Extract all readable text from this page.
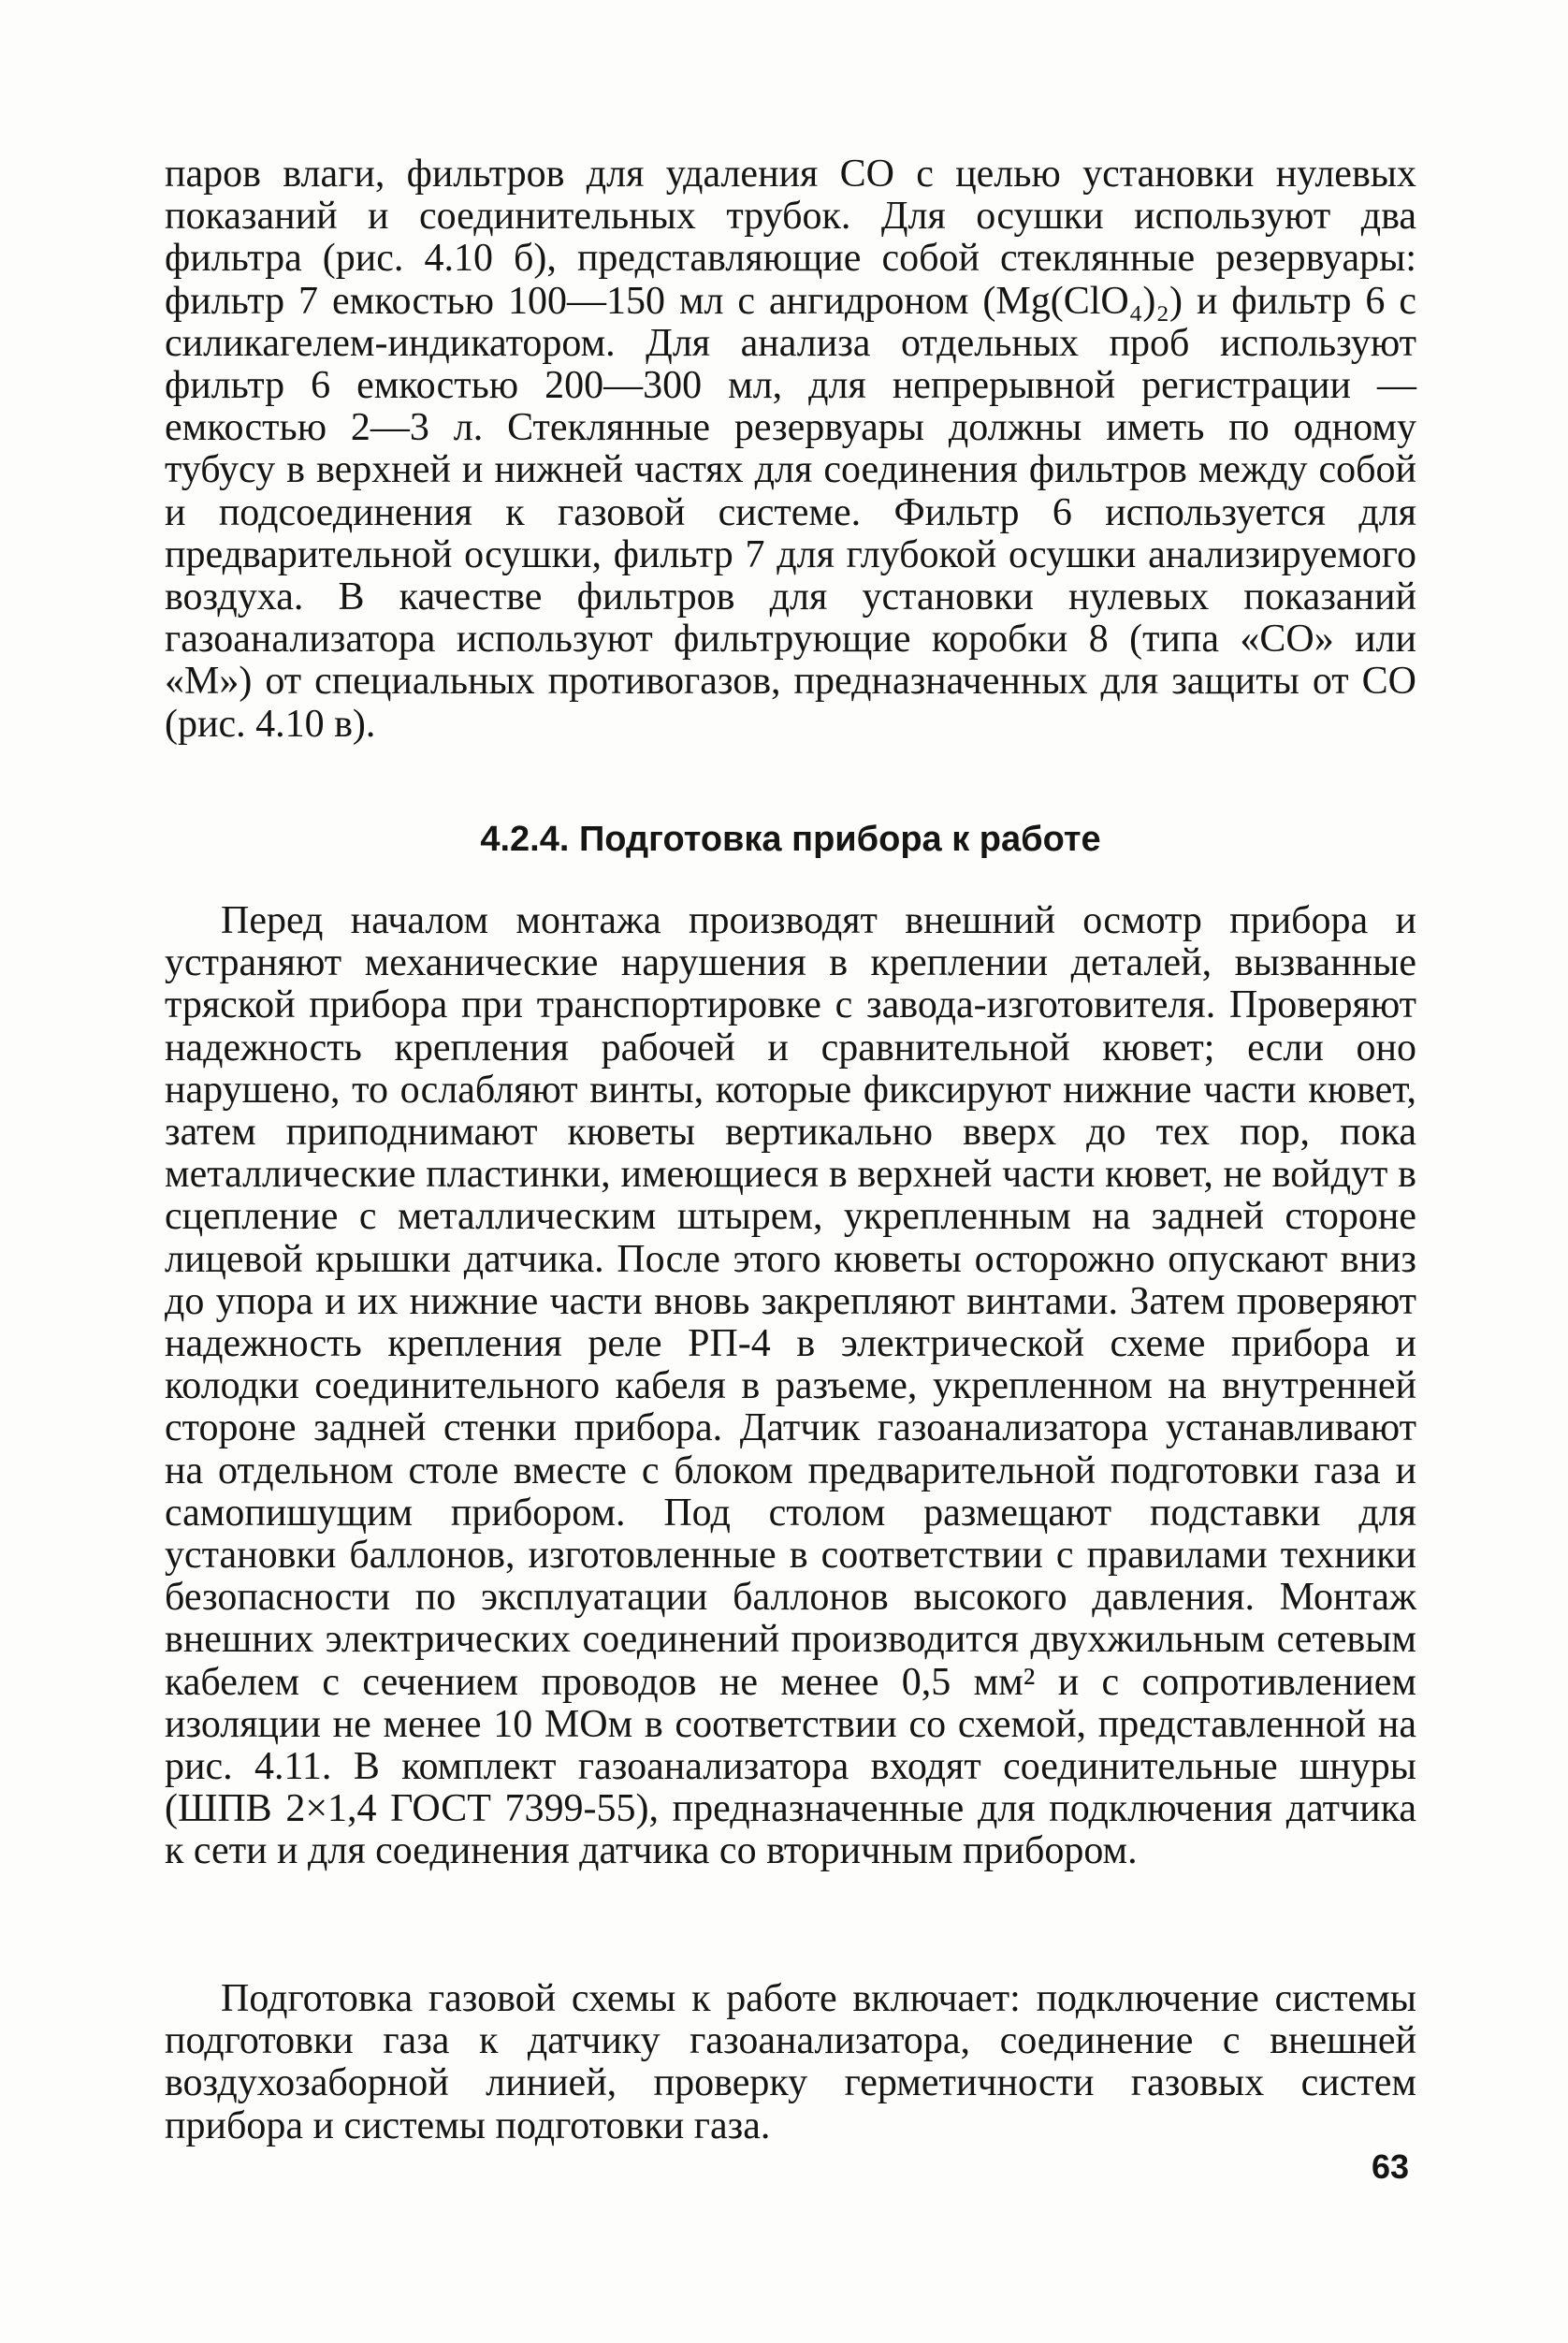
паров влаги, фильтров для удаления CO с целью установки нулевых показаний и соединительных трубок. Для осушки используют два фильтра (рис. 4.10 б), представляющие собой стеклянные резервуары: фильтр 7 емкостью 100—150 мл с ангидроном (Mg(ClO₄)₂) и фильтр 6 с силикагелем-индикатором. Для анализа отдельных проб используют фильтр 6 емкостью 200—300 мл, для непрерывной регистрации — емкостью 2—3 л. Стеклянные резервуары должны иметь по одному тубусу в верхней и нижней частях для соединения фильтров между собой и подсоединения к газовой системе. Фильтр 6 используется для предварительной осушки, фильтр 7 для глубокой осушки анализируемого воздуха. В качестве фильтров для установки нулевых показаний газоанализатора используют фильтрующие коробки 8 (типа «CO» или «M») от специальных противогазов, предназначенных для защиты от CO (рис. 4.10 в).

4.2.4. Подготовка прибора к работе

Перед началом монтажа производят внешний осмотр прибора и устраняют механические нарушения в креплении деталей, вызванные тряской прибора при транспортировке с завода-изготовителя. Проверяют надежность крепления рабочей и сравнительной кювет; если оно нарушено, то ослабляют винты, которые фиксируют нижние части кювет, затем приподнимают кюветы вертикально вверх до тех пор, пока металлические пластинки, имеющиеся в верхней части кювет, не войдут в сцепление с металлическим штырем, укрепленным на задней стороне лицевой крышки датчика. После этого кюветы осторожно опускают вниз до упора и их нижние части вновь закрепляют винтами. Затем проверяют надежность крепления реле РП-4 в электрической схеме прибора и колодки соединительного кабеля в разъеме, укрепленном на внутренней стороне задней стенки прибора. Датчик газоанализатора устанавливают на отдельном столе вместе с блоком предварительной подготовки газа и самопишущим прибором. Под столом размещают подставки для установки баллонов, изготовленные в соответствии с правилами техники безопасности по эксплуатации баллонов высокого давления. Монтаж внешних электрических соединений производится двухжильным сетевым кабелем с сечением проводов не менее 0,5 мм² и с сопротивлением изоляции не менее 10 МОм в соответствии со схемой, представленной на рис. 4.11. В комплект газоанализатора входят соединительные шнуры (ШПВ 2×1,4 ГОСТ 7399-55), предназначенные для подключения датчика к сети и для соединения датчика со вторичным прибором.

Подготовка газовой схемы к работе включает: подключение системы подготовки газа к датчику газоанализатора, соединение с внешней воздухозаборной линией, проверку герметичности газовых систем прибора и системы подготовки газа.

63
